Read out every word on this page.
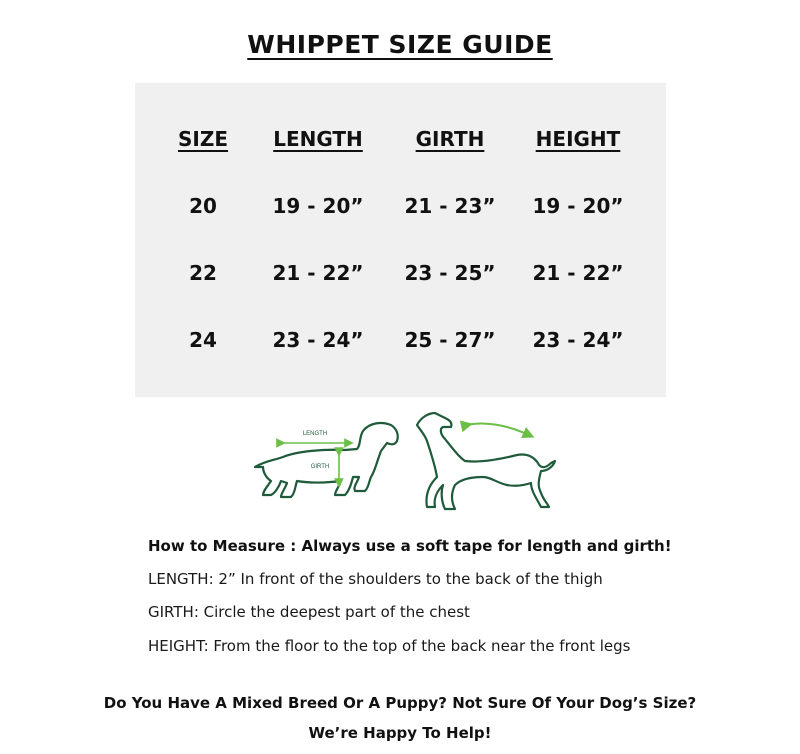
WHIPPET SIZE GUIDE
SIZE	LENGTH	GIRTH	HEIGHT
20	19 - 20”	21 - 23”	19 - 20”
22	21 - 22”	23 - 25”	21 - 22”
24	23 - 24”	25 - 27”	23 - 24”
LENGTH
GIRTH
How to Measure : Always use a soft tape for length and girth!
LENGTH: 2” In front of the shoulders to the back of the thigh
GIRTH: Circle the deepest part of the chest
HEIGHT: From the floor to the top of the back near the front legs
Do You Have A Mixed Breed Or A Puppy? Not Sure Of Your Dog’s Size?
We’re Happy To Help!
